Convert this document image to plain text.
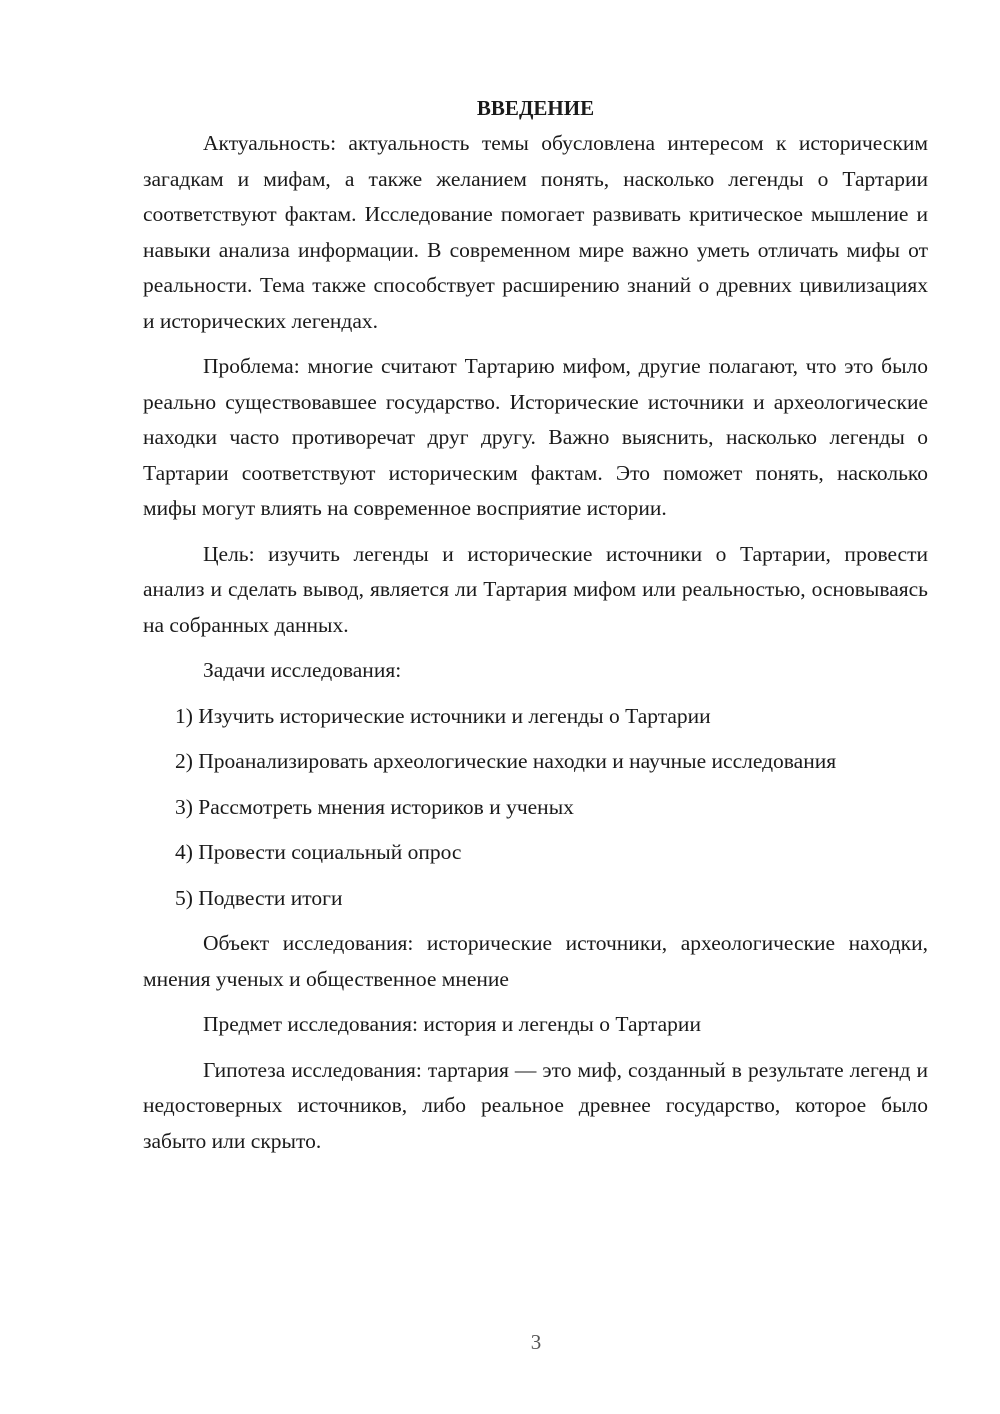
ВВЕДЕНИЕ

Актуальность: актуальность темы обусловлена интересом к историческим загадкам и мифам, а также желанием понять, насколько легенды о Тартарии соответствуют фактам. Исследование помогает развивать критическое мышление и навыки анализа информации. В современном мире важно уметь отличать мифы от реальности. Тема также способствует расширению знаний о древних цивилизациях и исторических легендах.

Проблема: многие считают Тартарию мифом, другие полагают, что это было реально существовавшее государство. Исторические источники и археологические находки часто противоречат друг другу. Важно выяснить, насколько легенды о Тартарии соответствуют историческим фактам. Это поможет понять, насколько мифы могут влиять на современное восприятие истории.

Цель: изучить легенды и исторические источники о Тартарии, провести анализ и сделать вывод, является ли Тартария мифом или реальностью, основываясь на собранных данных.

Задачи исследования:

1) Изучить исторические источники и легенды о Тартарии

2) Проанализировать археологические находки и научные исследования

3) Рассмотреть мнения историков и ученых

4) Провести социальный опрос

5) Подвести итоги

Объект исследования: исторические источники, археологические находки, мнения ученых и общественное мнение

Предмет исследования: история и легенды о Тартарии

Гипотеза исследования: тартария — это миф, созданный в результате легенд и недостоверных источников, либо реальное древнее государство, которое было забыто или скрыто.

3
